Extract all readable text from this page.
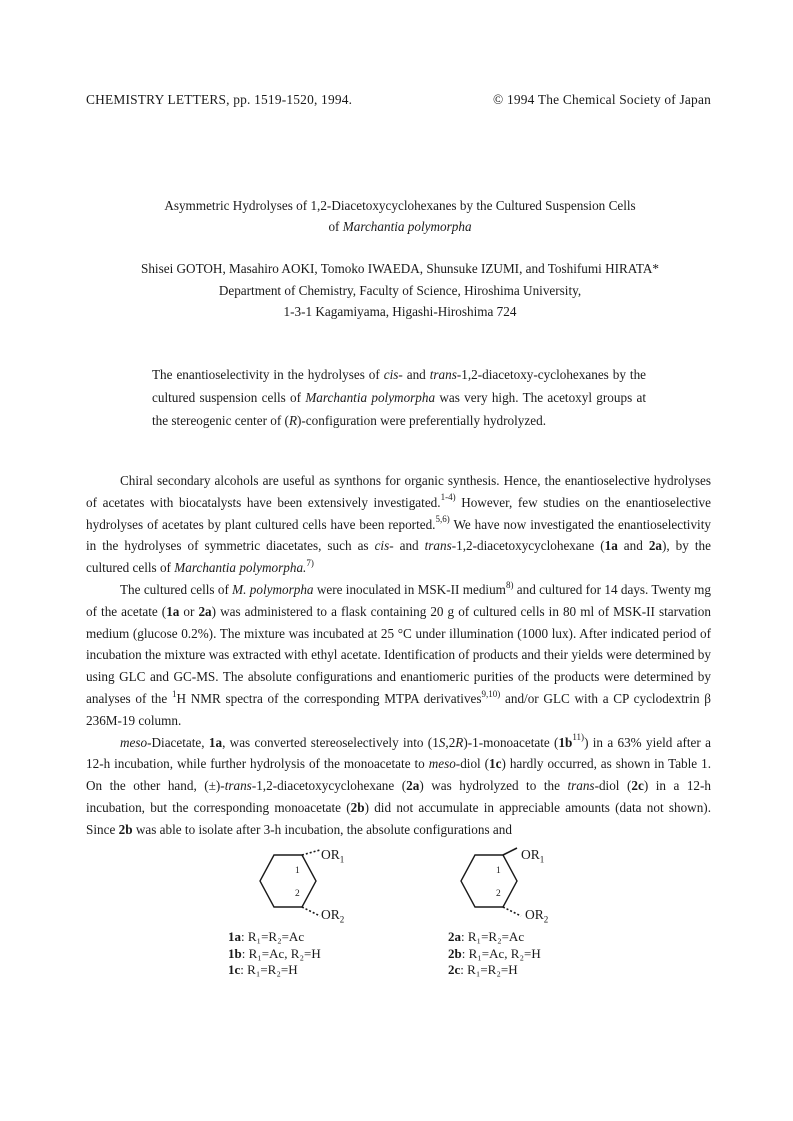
CHEMISTRY LETTERS, pp. 1519-1520, 1994.	© 1994 The Chemical Society of Japan
Asymmetric Hydrolyses of 1,2-Diacetoxycyclohexanes by the Cultured Suspension Cells
of Marchantia polymorpha
Shisei GOTOH, Masahiro AOKI, Tomoko IWAEDA, Shunsuke IZUMI, and Toshifumi HIRATA*
Department of Chemistry, Faculty of Science, Hiroshima University,
1-3-1 Kagamiyama, Higashi-Hiroshima 724

The enantioselectivity in the hydrolyses of cis- and trans-1,2-diacetoxy-cyclohexanes by the cultured suspension cells of Marchantia polymorpha was very high. The acetoxyl groups at the stereogenic center of (R)-configuration were preferentially hydrolyzed.

Chiral secondary alcohols are useful as synthons for organic synthesis. Hence, the enantioselective hydrolyses of acetates with biocatalysts have been extensively investigated.$^{1-4)}$ However, few studies on the enantioselective hydrolyses of acetates by plant cultured cells have been reported.$^{5,6)}$ We have now investigated the enantioselectivity in the hydrolyses of symmetric diacetates, such as cis- and trans-1,2-diacetoxycyclohexane (1a and 2a), by the cultured cells of Marchantia polymorpha.$^{7)}$

The cultured cells of M. polymorpha were inoculated in MSK-II medium$^{8)}$ and cultured for 14 days. Twenty mg of the acetate (1a or 2a) was administered to a flask containing 20 g of cultured cells in 80 ml of MSK-II starvation medium (glucose 0.2%). The mixture was incubated at 25 °C under illumination (1000 lux). After indicated period of incubation the mixture was extracted with ethyl acetate. Identification of products and their yields were determined by using GLC and GC-MS. The absolute configurations and enantiomeric purities of the products were determined by analyses of the $^1$H NMR spectra of the corresponding MTPA derivatives$^{9,10)}$ and/or GLC with a CP cyclodextrin β 236M-19 column.

meso-Diacetate, 1a, was converted stereoselectively into (1S,2R)-1-monoacetate $(1b^{11)})$ in a 63% yield after a 12-h incubation, while further hydrolysis of the monoacetate to meso-diol (1c) hardly occurred, as shown in Table 1. On the other hand, (±)-trans-1,2-diacetoxycyclohexane (2a) was hydrolyzed to the trans-diol (2c) in a 12-h incubation, but the corresponding monoacetate (2b) did not accumulate in appreciable amounts (data not shown). Since 2b was able to isolate after 3-h incubation, the absolute configurations and

1
2
$OR_1$
$OR_2$
1a: R₁=R₂=Ac
1b: R₁=Ac, R₂=H
1c: R₁=R₂=H
1
2
$OR_1$
$OR_2$
2a: R₁=R₂=Ac
2b: R₁=Ac, R₂=H
2c: R₁=R₂=H
